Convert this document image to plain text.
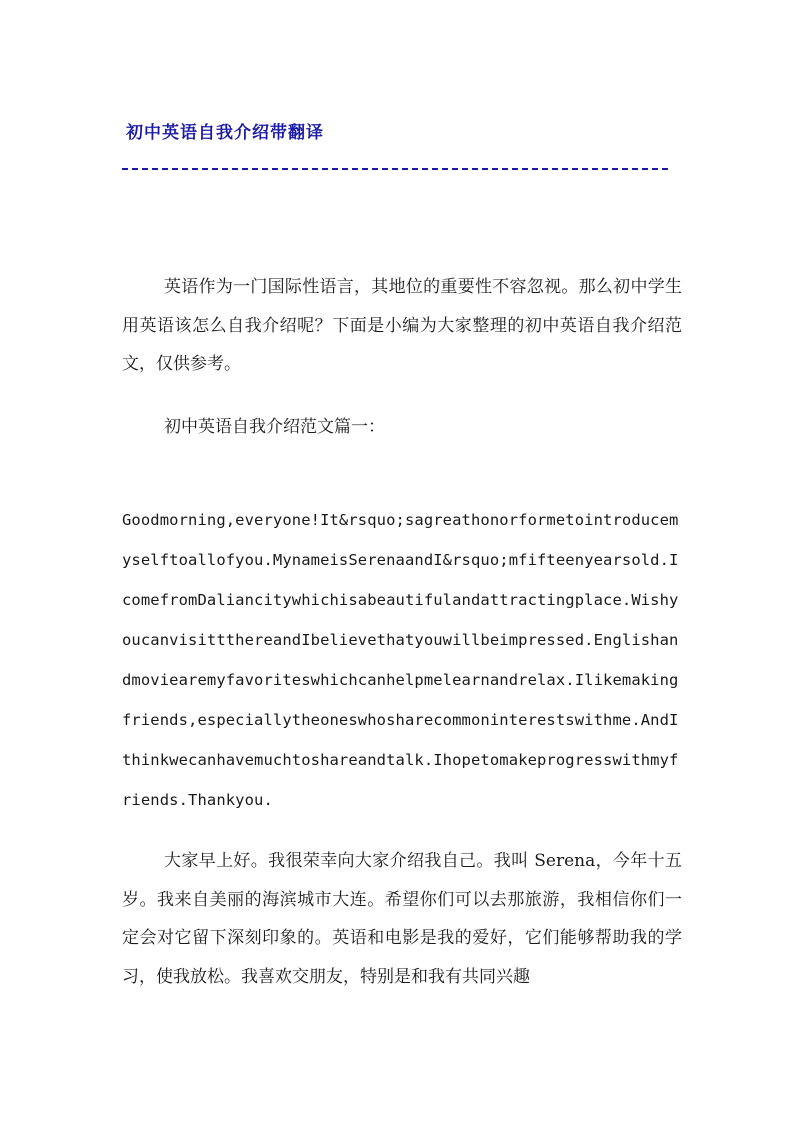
初中英语自我介绍带翻译

英语作为一门国际性语言，其地位的重要性不容忽视。那么初中学生用英语该怎么自我介绍呢？下面是小编为大家整理的初中英语自我介绍范文，仅供参考。

初中英语自我介绍范文篇一：

Goodmorning,everyone!It&rsquo;sagreathonorformetointroducemyselftoallofyou.MynameisSerenaandI&rsquo;mfifteenyearsold.IcomefromDaliancitywhichisabeautifulandattractingplace.WishyoucanvisittthereandIbelievethatyouwillbeimpressed.Englishandmoviearemyfavoriteswhichcanhelpmelearnandrelax.Ilikemakingfriends,especiallytheoneswhosharecommoninterestswithme.AndIthinkwecanhavemuchtoshareandtalk.Ihopetomakeprogresswithmyfriends.Thankyou.

大家早上好。我很荣幸向大家介绍我自己。我叫 Serena，今年十五岁。我来自美丽的海滨城市大连。希望你们可以去那旅游，我相信你们一定会对它留下深刻印象的。英语和电影是我的爱好，它们能够帮助我的学习，使我放松。我喜欢交朋友，特别是和我有共同兴趣
